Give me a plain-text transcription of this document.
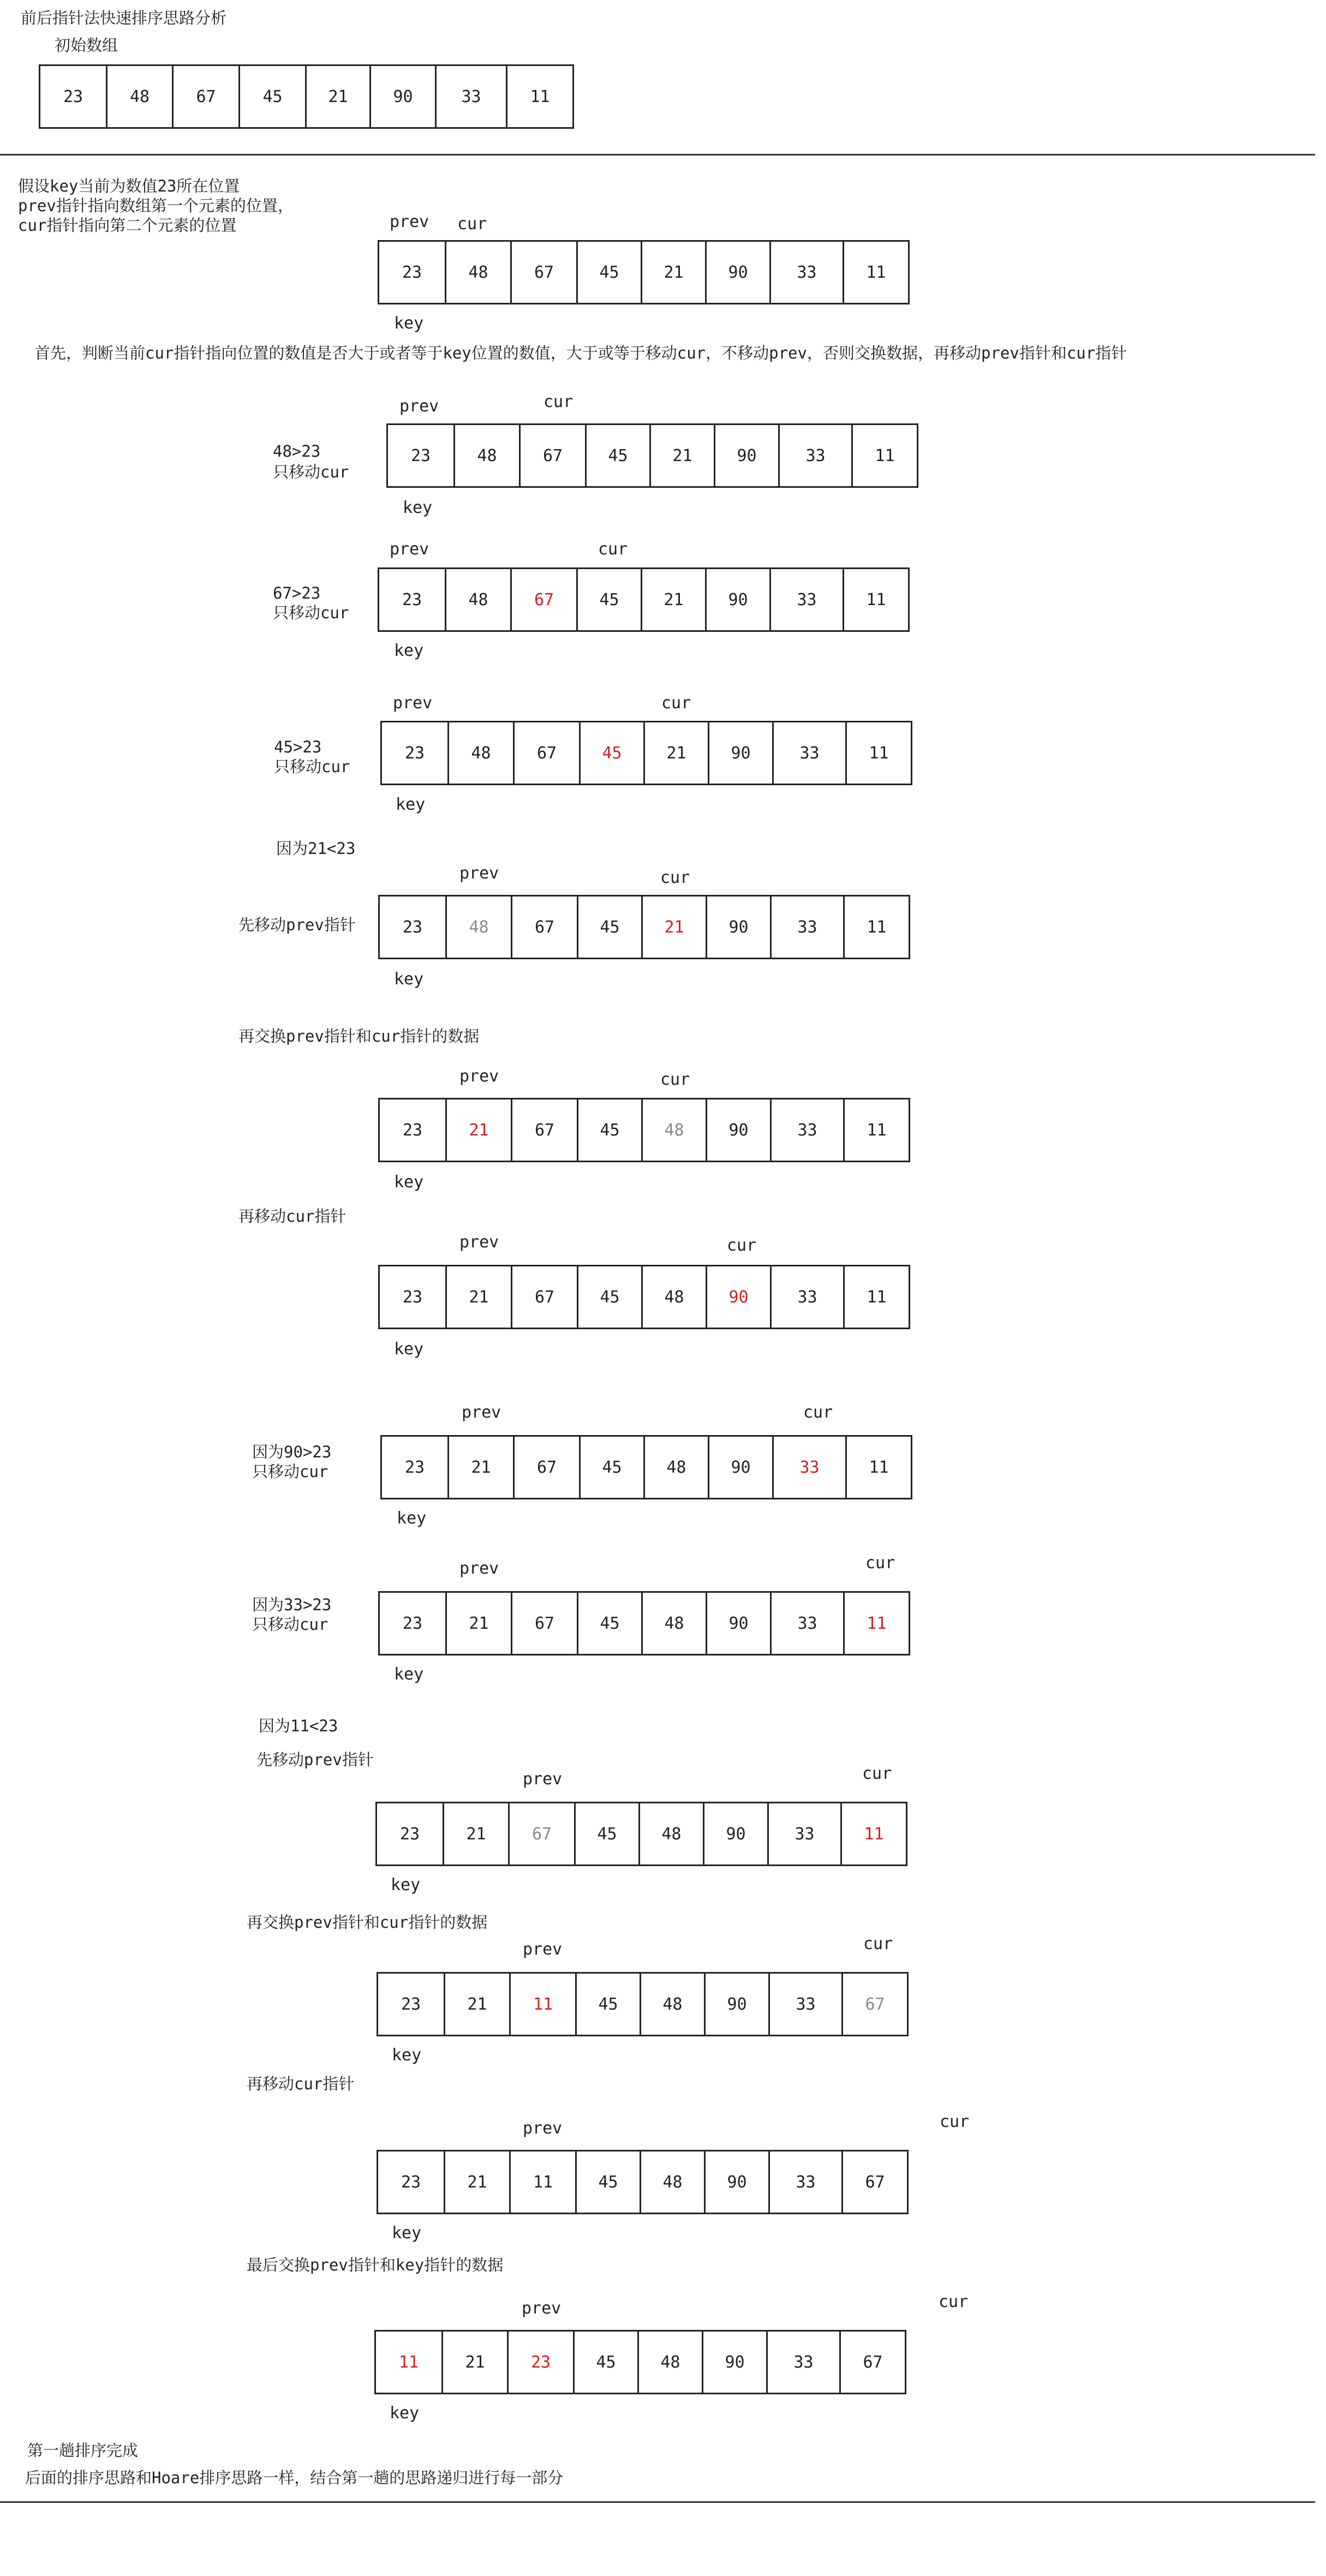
前后指针法快速排序思路分析
初始数组
23	48	67	45	21	90	33	11
假设key当前为数值23所在位置
prev指针指向数组第一个元素的位置，
cur指针指向第二个元素的位置	prev cur
23	48	67	45	21	90	33	11
key
首先，判断当前cur指针指向位置的数值是否大于或者等于key位置的数值，大于或等于移动cur，不移动prev，否则交换数据，再移动prev指针和cur指针
prev	cur
48>23
只移动cur
23	48	67	45	21	90	33	11
key
prev	cur
67>23
只移动cur
23	48	67	45	21	90	33	11
key
prev	cur
45>23
只移动cur
23	48	67	45	21	90	33	11
key
因为21<23
prev	cur
先移动prev指针	23	48	67	45	21	90	33	11
key
再交换prev指针和cur指针的数据
prev	cur
23	21	67	45	48	90	33	11
key
再移动cur指针
prev	cur
23	21	67	45	48	90	33	11
key
prev	cur
因为90>23
只移动cur	23	21	67	45	48	90	33	11
key
prev	cur
因为33>23
只移动cur	23	21	67	45	48	90	33	11
key
因为11<23
先移动prev指针
prev	cur
23	21	67	45	48	90	33	11
key
再交换prev指针和cur指针的数据
prev	cur
23	21	11	45	48	90	33	67
key
再移动cur指针
cur
prev
23	21	11	45	48	90	33	67
key
最后交换prev指针和key指针的数据
cur
prev
11	21	23	45	48	90	33	67
key
第一趟排序完成
后面的排序思路和Hoare排序思路一样，结合第一趟的思路递归进行每一部分
